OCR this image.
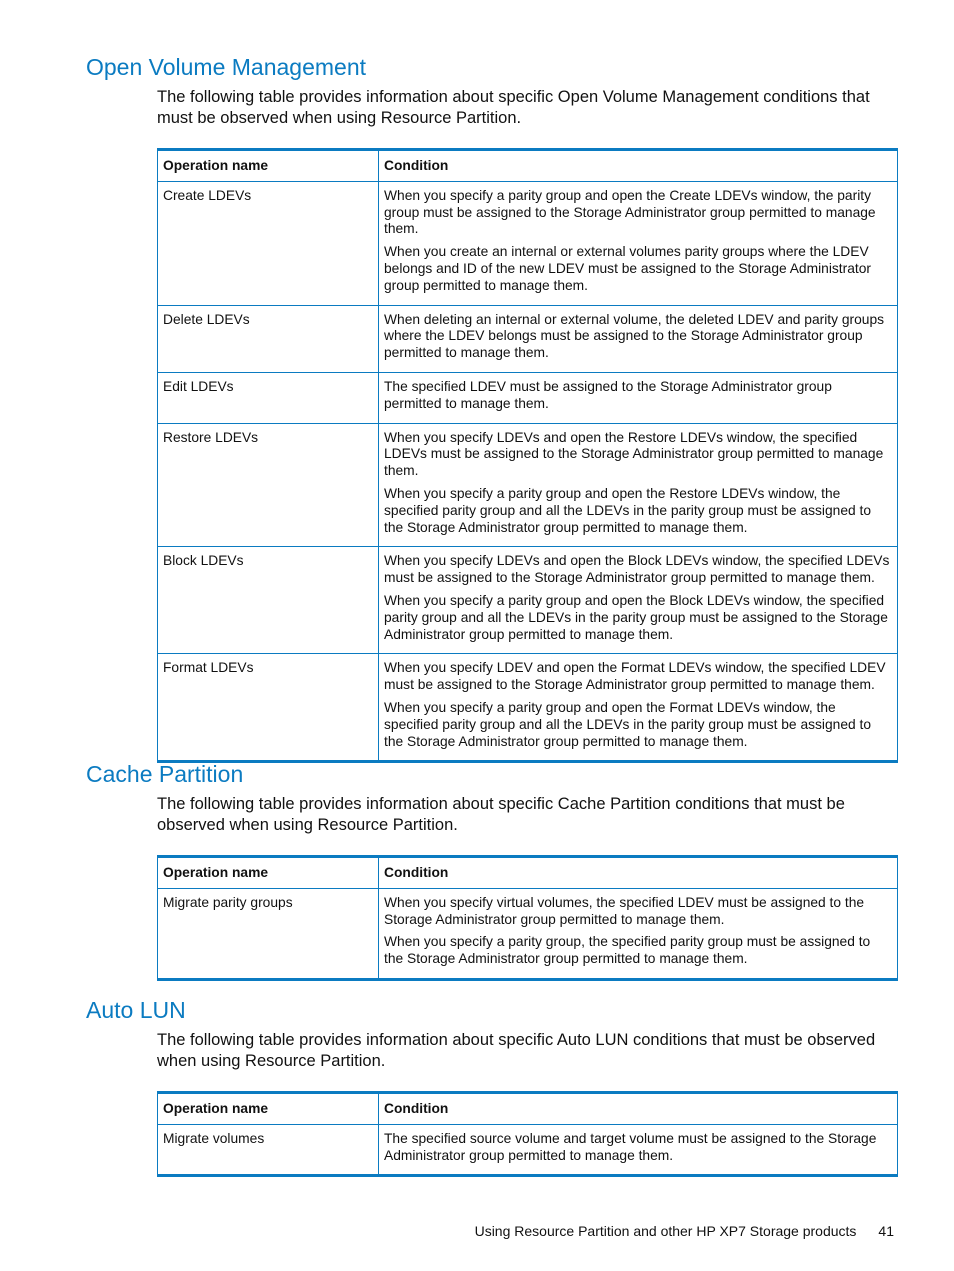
Open Volume Management

The following table provides information about specific Open Volume Management conditions that must be observed when using Resource Partition.

Operation name	Condition
Create LDEVs	When you specify a parity group and open the Create LDEVs window, the parity group must be assigned to the Storage Administrator group permitted to manage them.

When you create an internal or external volumes parity groups where the LDEV belongs and ID of the new LDEV must be assigned to the Storage Administrator group permitted to manage them.

Delete LDEVs	When deleting an internal or external volume, the deleted LDEV and parity groups where the LDEV belongs must be assigned to the Storage Administrator group permitted to manage them.

Edit LDEVs	The specified LDEV must be assigned to the Storage Administrator group permitted to manage them.

Restore LDEVs	When you specify LDEVs and open the Restore LDEVs window, the specified LDEVs must be assigned to the Storage Administrator group permitted to manage them.

When you specify a parity group and open the Restore LDEVs window, the specified parity group and all the LDEVs in the parity group must be assigned to the Storage Administrator group permitted to manage them.

Block LDEVs	When you specify LDEVs and open the Block LDEVs window, the specified LDEVs must be assigned to the Storage Administrator group permitted to manage them.

When you specify a parity group and open the Block LDEVs window, the specified parity group and all the LDEVs in the parity group must be assigned to the Storage Administrator group permitted to manage them.

Format LDEVs	When you specify LDEV and open the Format LDEVs window, the specified LDEV must be assigned to the Storage Administrator group permitted to manage them.

When you specify a parity group and open the Format LDEVs window, the specified parity group and all the LDEVs in the parity group must be assigned to the Storage Administrator group permitted to manage them.

Cache Partition

The following table provides information about specific Cache Partition conditions that must be observed when using Resource Partition.

Operation name	Condition
Migrate parity groups	When you specify virtual volumes, the specified LDEV must be assigned to the Storage Administrator group permitted to manage them.

When you specify a parity group, the specified parity group must be assigned to the Storage Administrator group permitted to manage them.

Auto LUN

The following table provides information about specific Auto LUN conditions that must be observed when using Resource Partition.

Operation name	Condition
Migrate volumes	The specified source volume and target volume must be assigned to the Storage Administrator group permitted to manage them.

Using Resource Partition and other HP XP7 Storage products 41
